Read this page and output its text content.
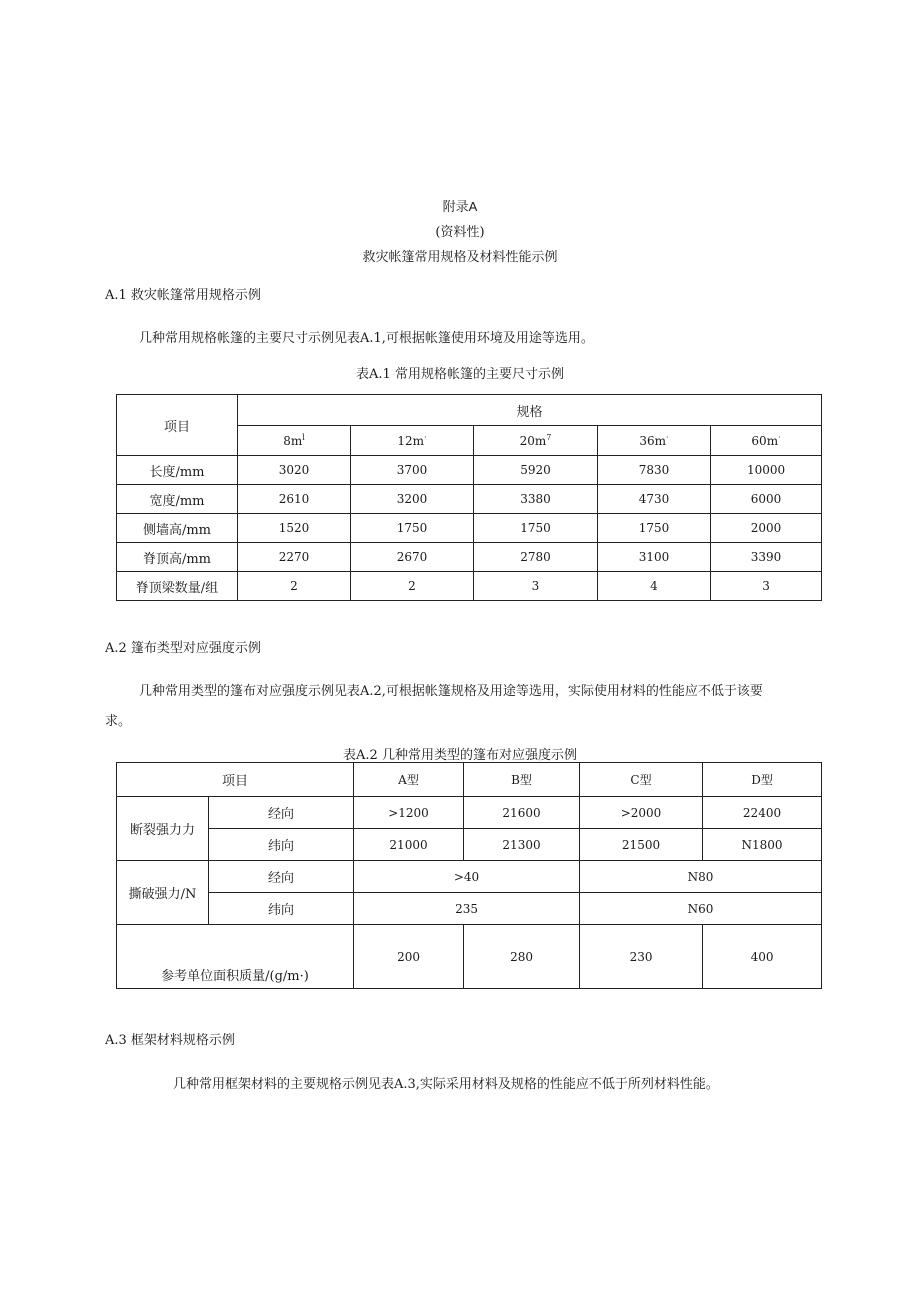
附录A
(资料性)
救灾帐篷常用规格及材料性能示例
A.1 救灾帐篷常用规格示例
几种常用规格帐篷的主要尺寸示例见表A.1,可根据帐篷使用环境及用途等选用。
表A.1 常用规格帐篷的主要尺寸示例
项目	规格				
	$8m^l$	12m·	$20m^7$	36m·	60m·
长度/mm	3020	3700	5920	7830	10000
宽度/mm	2610	3200	3380	4730	6000
侧墙高/mm	1520	1750	1750	1750	2000
脊顶高/mm	2270	2670	2780	3100	3390
脊顶梁数量/组	2	2	3	4	3
A.2 篷布类型对应强度示例
几种常用类型的篷布对应强度示例见表A.2,可根据帐篷规格及用途等选用，实际使用材料的性能应不低于该要
求。
表A.2 几种常用类型的篷布对应强度示例
项目		A型	B型	C型	D型
断裂强力力	经向	>1200	21600	>2000	22400
	纬向	21000	21300	21500	N1800
撕破强力/N	经向	>40		N80	
	纬向	235		N60	
参考单位面积质量/(g/m·)		200	280	230	400
A.3 框架材料规格示例
几种常用框架材料的主要规格示例见表A.3,实际采用材料及规格的性能应不低于所列材料性能。
